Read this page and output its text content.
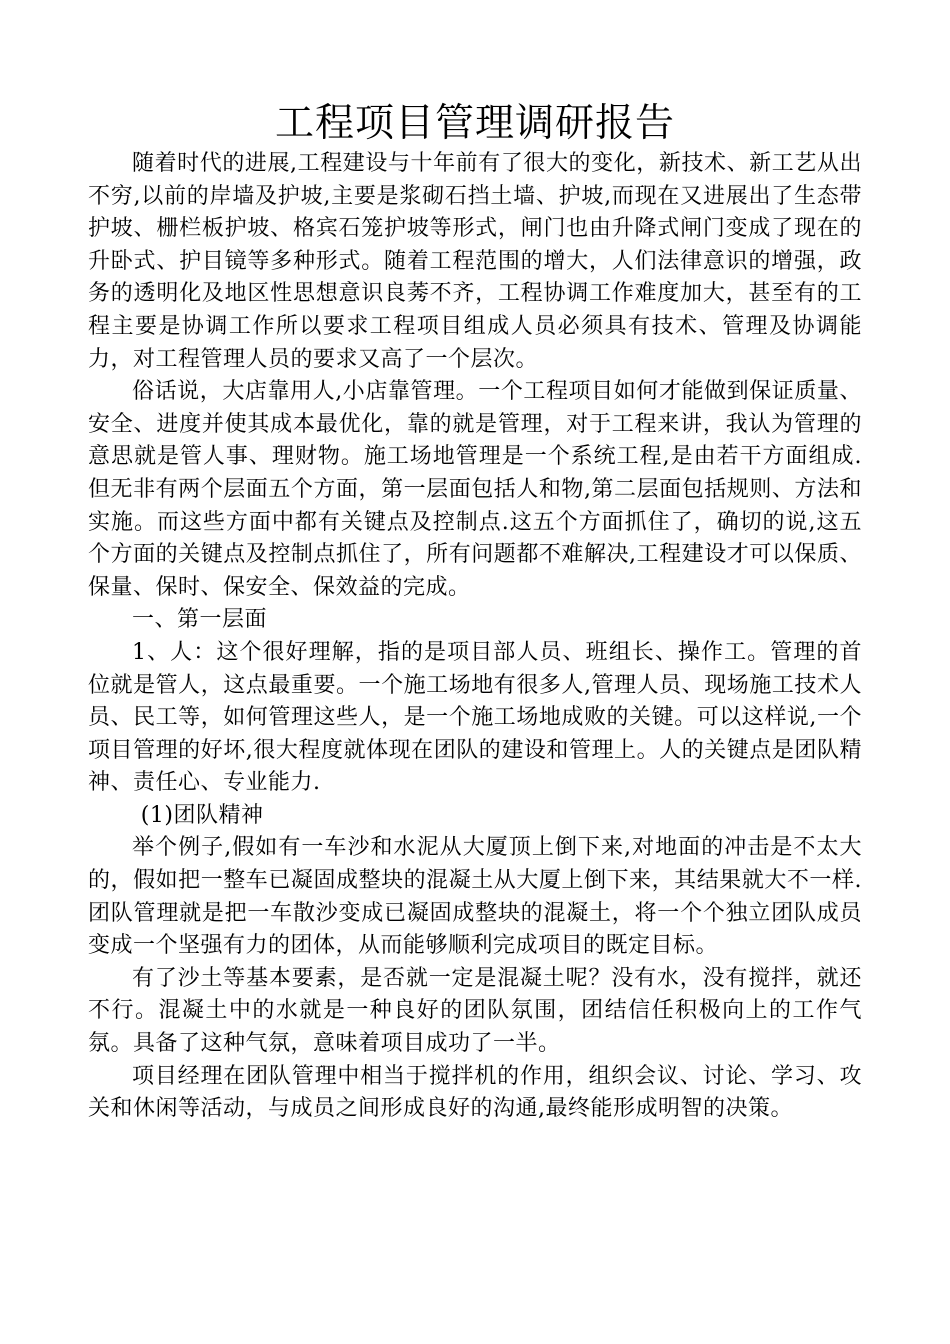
工程项目管理调研报告

随着时代的进展,工程建设与十年前有了很大的变化，新技术、新工艺从出不穷,以前的岸墙及护坡,主要是浆砌石挡土墙、护坡,而现在又进展出了生态带护坡、栅栏板护坡、格宾石笼护坡等形式，闸门也由升降式闸门变成了现在的升卧式、护目镜等多种形式。随着工程范围的增大，人们法律意识的增强，政务的透明化及地区性思想意识良莠不齐，工程协调工作难度加大，甚至有的工程主要是协调工作所以要求工程项目组成人员必须具有技术、管理及协调能力，对工程管理人员的要求又高了一个层次。

俗话说，大店靠用人,小店靠管理。一个工程项目如何才能做到保证质量、安全、进度并使其成本最优化，靠的就是管理，对于工程来讲，我认为管理的意思就是管人事、理财物。施工场地管理是一个系统工程,是由若干方面组成.但无非有两个层面五个方面，第一层面包括人和物,第二层面包括规则、方法和实施。而这些方面中都有关键点及控制点.这五个方面抓住了，确切的说,这五个方面的关键点及控制点抓住了，所有问题都不难解决,工程建设才可以保质、保量、保时、保安全、保效益的完成。

一、第一层面

1、人：这个很好理解，指的是项目部人员、班组长、操作工。管理的首位就是管人，这点最重要。一个施工场地有很多人,管理人员、现场施工技术人员、民工等，如何管理这些人，是一个施工场地成败的关键。可以这样说,一个项目管理的好坏,很大程度就体现在团队的建设和管理上。人的关键点是团队精神、责任心、专业能力.

(1)团队精神

举个例子,假如有一车沙和水泥从大厦顶上倒下来,对地面的冲击是不太大的，假如把一整车已凝固成整块的混凝土从大厦上倒下来，其结果就大不一样.团队管理就是把一车散沙变成已凝固成整块的混凝土，将一个个独立团队成员变成一个坚强有力的团体，从而能够顺利完成项目的既定目标。

有了沙土等基本要素，是否就一定是混凝土呢？没有水，没有搅拌，就还不行。混凝土中的水就是一种良好的团队氛围，团结信任积极向上的工作气氛。具备了这种气氛，意味着项目成功了一半。

项目经理在团队管理中相当于搅拌机的作用，组织会议、讨论、学习、攻关和休闲等活动，与成员之间形成良好的沟通,最终能形成明智的决策。
